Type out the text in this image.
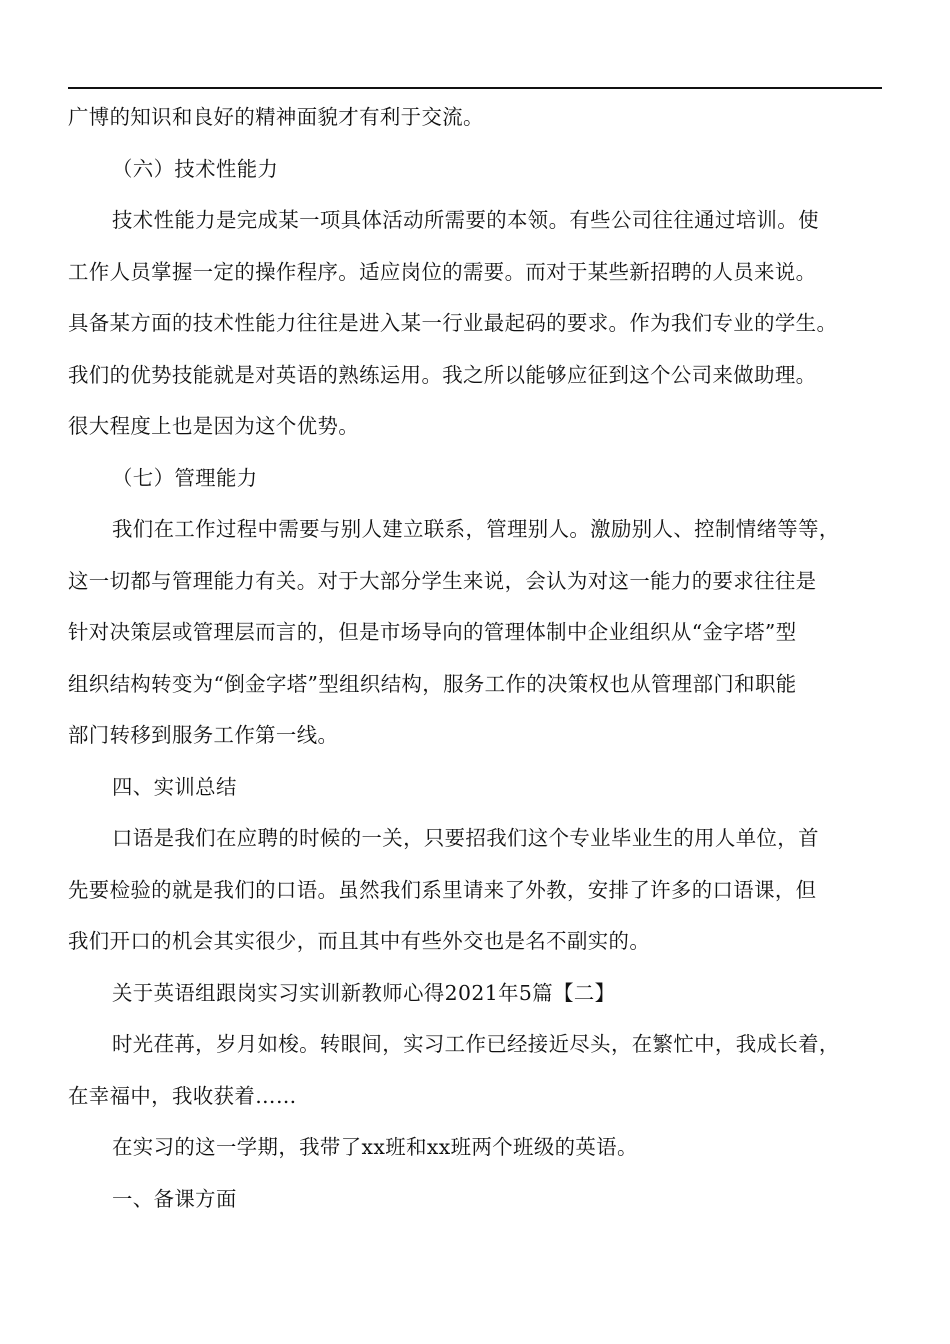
广博的知识和良好的精神面貌才有利于交流。

（六）技术性能力

技术性能力是完成某一项具体活动所需要的本领。有些公司往往通过培训。使

工作人员掌握一定的操作程序。适应岗位的需要。而对于某些新招聘的人员来说。

具备某方面的技术性能力往往是进入某一行业最起码的要求。作为我们专业的学生。

我们的优势技能就是对英语的熟练运用。我之所以能够应征到这个公司来做助理。

很大程度上也是因为这个优势。

（七）管理能力

我们在工作过程中需要与别人建立联系，管理别人。激励别人、控制情绪等等，

这一切都与管理能力有关。对于大部分学生来说，会认为对这一能力的要求往往是

针对决策层或管理层而言的，但是市场导向的管理体制中企业组织从“金字塔”型

组织结构转变为“倒金字塔”型组织结构，服务工作的决策权也从管理部门和职能

部门转移到服务工作第一线。

四、实训总结

口语是我们在应聘的时候的一关，只要招我们这个专业毕业生的用人单位，首

先要检验的就是我们的口语。虽然我们系里请来了外教，安排了许多的口语课，但

我们开口的机会其实很少，而且其中有些外交也是名不副实的。

关于英语组跟岗实习实训新教师心得2021年5篇【二】

时光荏苒，岁月如梭。转眼间，实习工作已经接近尽头，在繁忙中，我成长着，

在幸福中，我收获着……

在实习的这一学期，我带了xx班和xx班两个班级的英语。

一、备课方面
